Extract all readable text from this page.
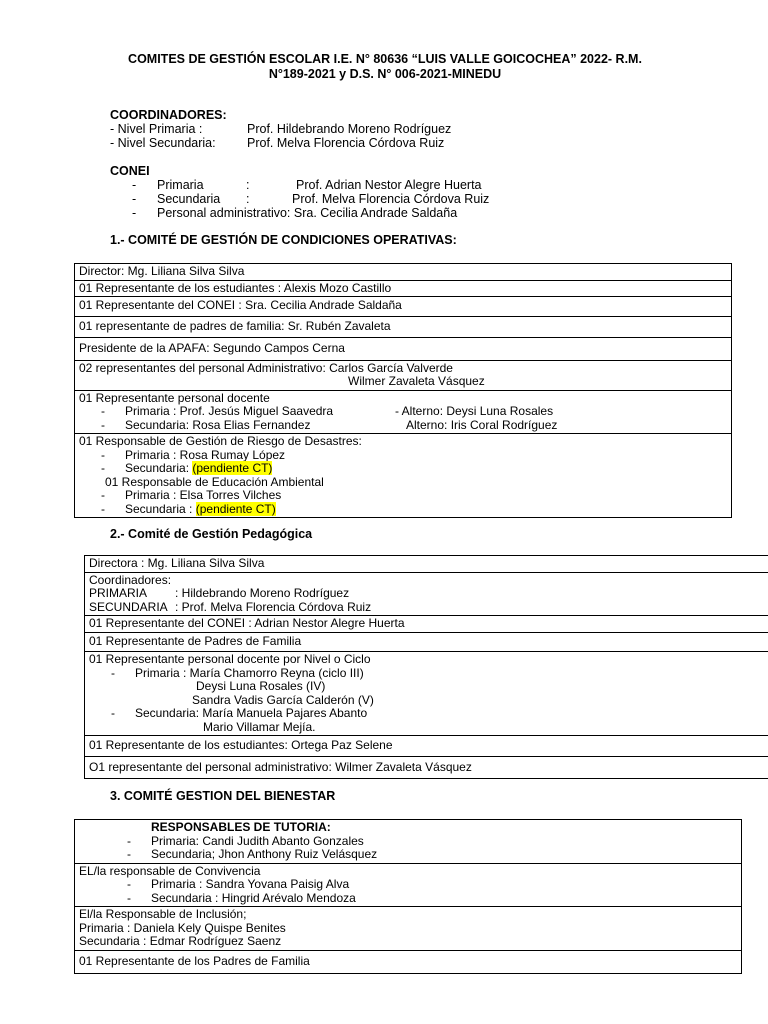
COMITES DE GESTIÓN ESCOLAR I.E. N° 80636 “LUIS VALLE GOICOCHEA” 2022- R.M.
N°189-2021 y D.S. N° 006-2021-MINEDU
COORDINADORES:
- Nivel Primaria :	Prof. Hildebrando Moreno Rodríguez
- Nivel Secundaria:	Prof. Melva Florencia Córdova Ruiz
CONEI
- Primaria	:	Prof. Adrian Nestor Alegre Huerta
- Secundaria :	Prof. Melva Florencia Córdova Ruiz
- Personal administrativo: Sra. Cecilia Andrade Saldaña
1.- COMITÉ DE GESTIÓN DE CONDICIONES OPERATIVAS:
Director: Mg. Liliana Silva Silva
01 Representante de los estudiantes : Alexis Mozo Castillo
01 Representante del CONEI : Sra. Cecilia Andrade Saldaña
01 representante de padres de familia: Sr. Rubén Zavaleta
Presidente de la APAFA: Segundo Campos Cerna

02 representantes del personal Administrativo: Carlos García Valverde
Wilmer Zavaleta Vásquez

01 Representante personal docente
- Primaria : Prof. Jesús Miguel Saavedra	- Alterno: Deysi Luna Rosales
- Secundaria: Rosa Elias Fernandez	Alterno: Iris Coral Rodríguez

01 Responsable de Gestión de Riesgo de Desastres:
- Primaria : Rosa Rumay López
- Secundaria: (pendiente CT)
01 Responsable de Educación Ambiental
- Primaria : Elsa Torres Vilches
- Secundaria : (pendiente CT)
2.- Comité de Gestión Pedagógica
Directora : Mg. Liliana Silva Silva

Coordinadores:
PRIMARIA : Hildebrando Moreno Rodríguez
SECUNDARIA : Prof. Melva Florencia Córdova Ruiz

01 Representante del CONEI : Adrian Nestor Alegre Huerta
01 Representante de Padres de Familia

01 Representante personal docente por Nivel o Ciclo
- Primaria : María Chamorro Reyna (ciclo III)
Deysi Luna Rosales (IV)
Sandra Vadis García Calderón (V)
- Secundaria: María Manuela Pajares Abanto
Mario Villamar Mejía.

01 Representante de los estudiantes: Ortega Paz Selene
O1 representante del personal administrativo: Wilmer Zavaleta Vásquez
3. COMITÉ GESTION DEL BIENESTAR
RESPONSABLES DE TUTORIA:
- Primaria: Candi Judith Abanto Gonzales
- Secundaria; Jhon Anthony Ruiz Velásquez

EL/la responsable de Convivencia
- Primaria : Sandra Yovana Paisig Alva
- Secundaria : Hingrid Arévalo Mendoza

El/la Responsable de Inclusión;
Primaria : Daniela Kely Quispe Benites
Secundaria : Edmar Rodríguez Saenz

01 Representante de los Padres de Familia
